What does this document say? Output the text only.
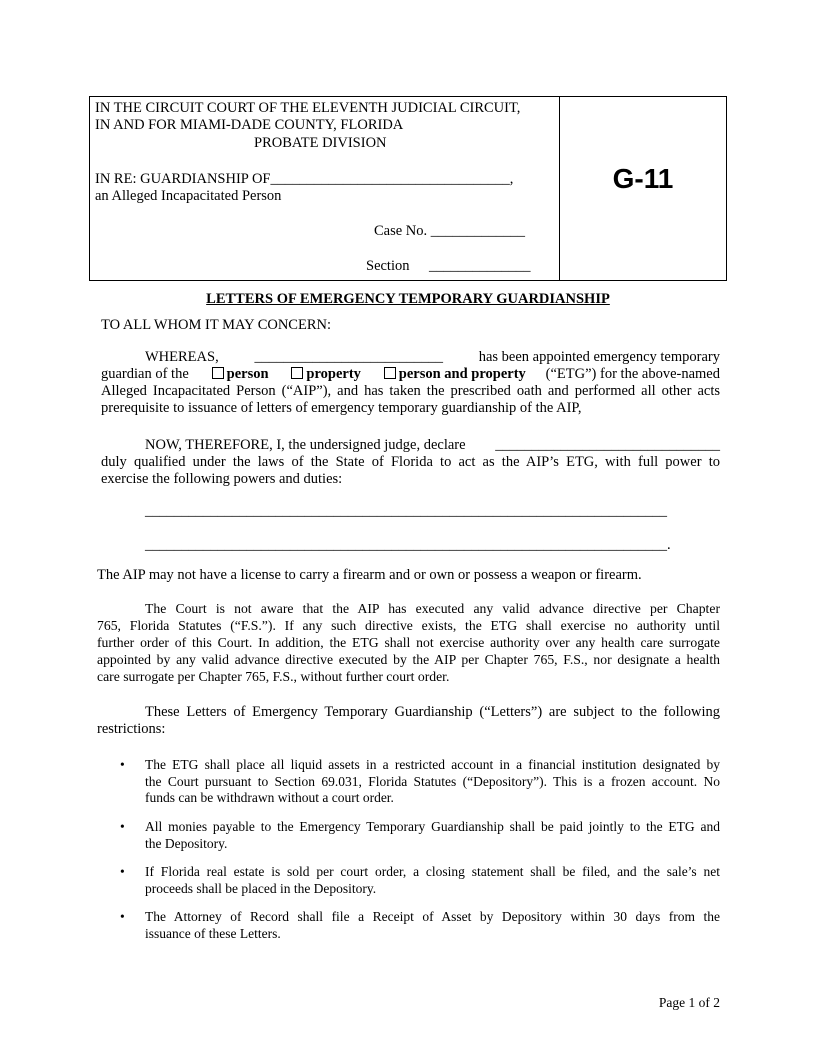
IN THE CIRCUIT COURT OF THE ELEVENTH JUDICIAL CIRCUIT,
IN AND FOR MIAMI-DADE COUNTY, FLORIDA
PROBATE DIVISION
IN RE: GUARDIANSHIP OF_________________________________,
an Alleged Incapacitated Person
Case No. _____________
Section ______________
G-11
LETTERS OF EMERGENCY TEMPORARY GUARDIANSHIP
TO ALL WHOM IT MAY CONCERN:
WHEREAS, __________________________ has been appointed emergency temporary
guardian of the	person	property	person and property (“ETG”) for the above-named
Alleged Incapacitated Person (“AIP”), and has taken the prescribed oath and performed all other acts
prerequisite to issuance of letters of emergency temporary guardianship of the AIP,
NOW, THEREFORE, I, the undersigned judge, declare _______________________________
duly qualified under the laws of the State of Florida to act as the AIP’s ETG, with full power to
exercise the following powers and duties:
________________________________________________________________________
________________________________________________________________________.
The AIP may not have a license to carry a firearm and or own or possess a weapon or firearm.
The Court is not aware that the AIP has executed any valid advance directive per Chapter
765, Florida Statutes (“F.S.”). If any such directive exists, the ETG shall exercise no authority until
further order of this Court. In addition, the ETG shall not exercise authority over any health care surrogate
appointed by any valid advance directive executed by the AIP per Chapter 765, F.S., nor designate a health
care surrogate per Chapter 765, F.S., without further court order.
These Letters of Emergency Temporary Guardianship (“Letters”) are subject to the following
restrictions:
• The ETG shall place all liquid assets in a restricted account in a financial institution designated by
the Court pursuant to Section 69.031, Florida Statutes (“Depository”). This is a frozen account. No
funds can be withdrawn without a court order.
• All monies payable to the Emergency Temporary Guardianship shall be paid jointly to the ETG and
the Depository.
• If Florida real estate is sold per court order, a closing statement shall be filed, and the sale’s net
proceeds shall be placed in the Depository.
• The Attorney of Record shall file a Receipt of Asset by Depository within 30 days from the
issuance of these Letters.
Page 1 of 2
